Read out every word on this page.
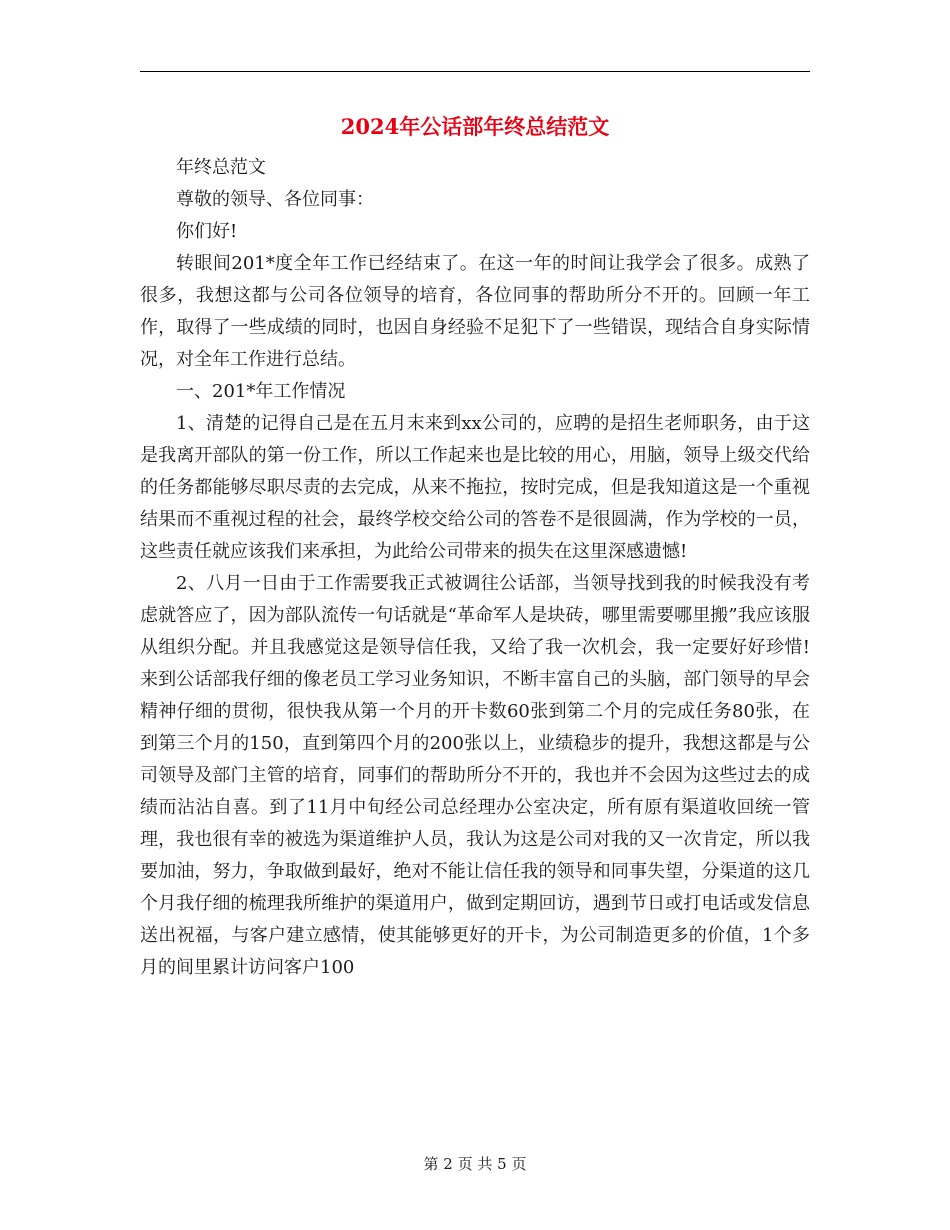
2024年公话部年终总结范文

年终总范文

尊敬的领导、各位同事：

你们好!

转眼间201*度全年工作已经结束了。在这一年的时间让我学会了很多。成熟了很多，我想这都与公司各位领导的培育，各位同事的帮助所分不开的。回顾一年工作，取得了一些成绩的同时，也因自身经验不足犯下了一些错误，现结合自身实际情况，对全年工作进行总结。

一、201*年工作情况

1、清楚的记得自己是在五月末来到xx公司的，应聘的是招生老师职务，由于这是我离开部队的第一份工作，所以工作起来也是比较的用心，用脑，领导上级交代给的任务都能够尽职尽责的去完成，从来不拖拉，按时完成，但是我知道这是一个重视结果而不重视过程的社会，最终学校交给公司的答卷不是很圆满，作为学校的一员，这些责任就应该我们来承担，为此给公司带来的损失在这里深感遗憾!

2、八月一日由于工作需要我正式被调往公话部，当领导找到我的时候我没有考虑就答应了，因为部队流传一句话就是“革命军人是块砖，哪里需要哪里搬”我应该服从组织分配。并且我感觉这是领导信任我，又给了我一次机会，我一定要好好珍惜!来到公话部我仔细的像老员工学习业务知识，不断丰富自己的头脑，部门领导的早会精神仔细的贯彻，很快我从第一个月的开卡数60张到第二个月的完成任务80张，在到第三个月的150，直到第四个月的200张以上，业绩稳步的提升，我想这都是与公司领导及部门主管的培育，同事们的帮助所分不开的，我也并不会因为这些过去的成绩而沾沾自喜。到了11月中旬经公司总经理办公室决定，所有原有渠道收回统一管理，我也很有幸的被选为渠道维护人员，我认为这是公司对我的又一次肯定，所以我要加油，努力，争取做到最好，绝对不能让信任我的领导和同事失望，分渠道的这几个月我仔细的梳理我所维护的渠道用户，做到定期回访，遇到节日或打电话或发信息送出祝福，与客户建立感情，使其能够更好的开卡，为公司制造更多的价值，1个多月的间里累计访问客户100

第 2 页 共 5 页
